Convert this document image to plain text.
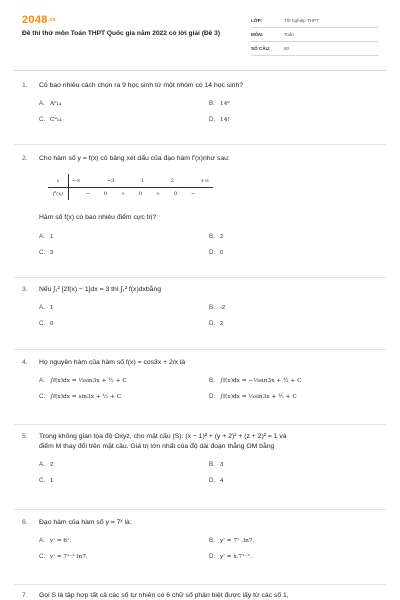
2048.vn
Đề thi thử môn Toán THPT Quốc gia năm 2022 có lời giải (Đề 3)
LỚP:	Tốt nghiệp THPT
MÔN:	Toán
SỐ CÂU:	50
1.	Có bao nhiêu cách chọn ra 9 học sinh từ một nhóm có 14 học sinh?
A. A⁹₁₄	B. 14⁹
C. C⁹₁₄	D. 14!
2.	Cho hàm số y = f(x) có bảng xét dấu của đạo hàm f'(x)như sau:
x	−∞	−3	1	2	+∞
f'(x)	−	0	+	0	+	0	−
Hàm số f(x) có bao nhiêu điểm cực trị?
A. 1	B. 2
C. 3	D. 0
3.	Nếu ∫₁² [2f(x) − 1]dx = 3 thì ∫₁² f(x)dxbằng
A. 1	B. -2
C. 0	D. 2
4.	Họ nguyên hàm của hàm số f(x) = cos3x + 2/x là
A. ∫f(x)dx = ⅓sin3x + ½ + C	B. ∫f(x)dx = −⅓sin3x + ½ + C
C. ∫f(x)dx = sin3x + ½ + C	D. ∫f(x)dx = ⅓sin3x + ½ + C
5.	Trong không gian tọa độ Oxyz, cho mặt cầu (S): (x − 1)² + (y + 2)² + (z + 2)² = 1 và
điểm M thay đổi trên mặt cầu. Giá trị lớn nhất của độ dài đoạn thẳng OM bằng
A. 2	B. 3
C. 1	D. 4
6.	Đạo hàm của hàm số y = 7ˣ là:
A. y' = 6ˣ.	B. y' = 7ˣ .ln7.
C. y' = 7ˣ⁻¹ ln7.	D. y' = x.7ˣ⁻¹.
7.	Gọi S là tập hợp tất cả các số tự nhiên có 6 chữ số phân biệt được lấy từ các số 1,
